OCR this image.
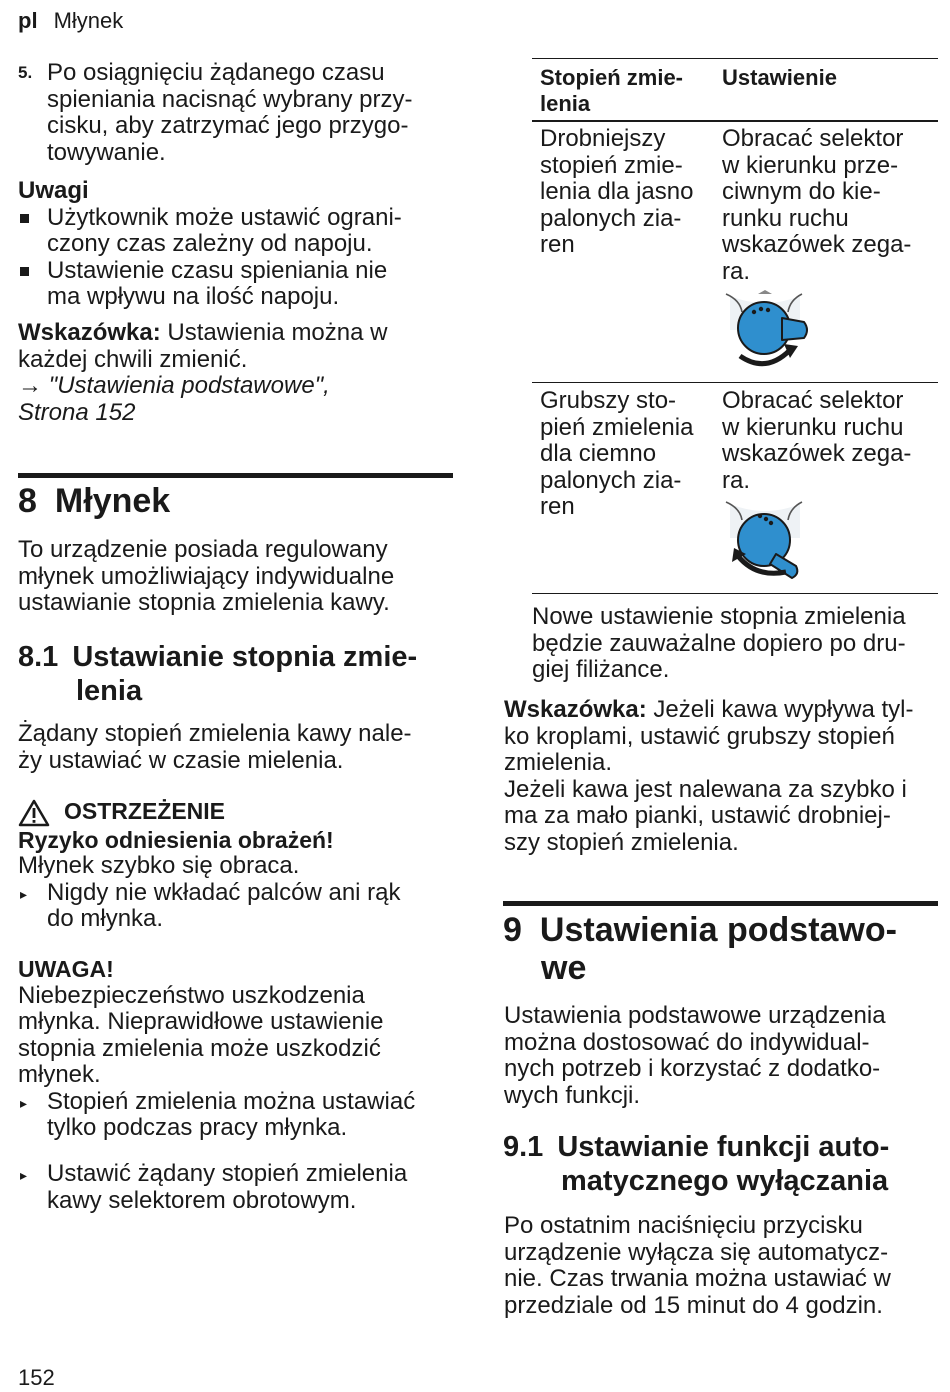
pl Młynek
5. Po osiągnięciu żądanego czasu
spieniania nacisnąć wybrany przy-
cisku, aby zatrzymać jego przygo-
towywanie.
Uwagi
Użytkownik może ustawić ograni-
czony czas zależny od napoju.
Ustawienie czasu spieniania nie
ma wpływu na ilość napoju.
Wskazówka: Ustawienia można w
każdej chwili zmienić.
→ "Ustawienia podstawowe",
Strona 152
8 Młynek
To urządzenie posiada regulowany
młynek umożliwiający indywidualne
ustawianie stopnia zmielenia kawy.
8.1 Ustawianie stopnia zmie-
lenia
Żądany stopień zmielenia kawy nale-
ży ustawiać w czasie mielenia.
OSTRZEŻENIE
Ryzyko odniesienia obrażeń!
Młynek szybko się obraca.
▸ Nigdy nie wkładać palców ani rąk
do młynka.
UWAGA!
Niebezpieczeństwo uszkodzenia
młynka. Nieprawidłowe ustawienie
stopnia zmielenia może uszkodzić
młynek.
▸ Stopień zmielenia można ustawiać
tylko podczas pracy młynka.
▸ Ustawić żądany stopień zmielenia
kawy selektorem obrotowym.
152
Stopień zmie-
lenia
Ustawienie
Drobniejszy
stopień zmie-
lenia dla jasno
palonych zia-
ren
Obracać selektor
w kierunku prze-
ciwnym do kie-
runku ruchu
wskazówek zega-
ra.
Grubszy sto-
pień zmielenia
dla ciemno
palonych zia-
ren
Obracać selektor
w kierunku ruchu
wskazówek zega-
ra.
Nowe ustawienie stopnia zmielenia
będzie zauważalne dopiero po dru-
giej filiżance.
Wskazówka: Jeżeli kawa wypływa tyl-
ko kroplami, ustawić grubszy stopień
zmielenia.
Jeżeli kawa jest nalewana za szybko i
ma za mało pianki, ustawić drobniej-
szy stopień zmielenia.
9 Ustawienia podstawo-
we
Ustawienia podstawowe urządzenia
można dostosować do indywidual-
nych potrzeb i korzystać z dodatko-
wych funkcji.
9.1 Ustawianie funkcji auto-
matycznego wyłączania
Po ostatnim naciśnięciu przycisku
urządzenie wyłącza się automatycz-
nie. Czas trwania można ustawiać w
przedziale od 15 minut do 4 godzin.
